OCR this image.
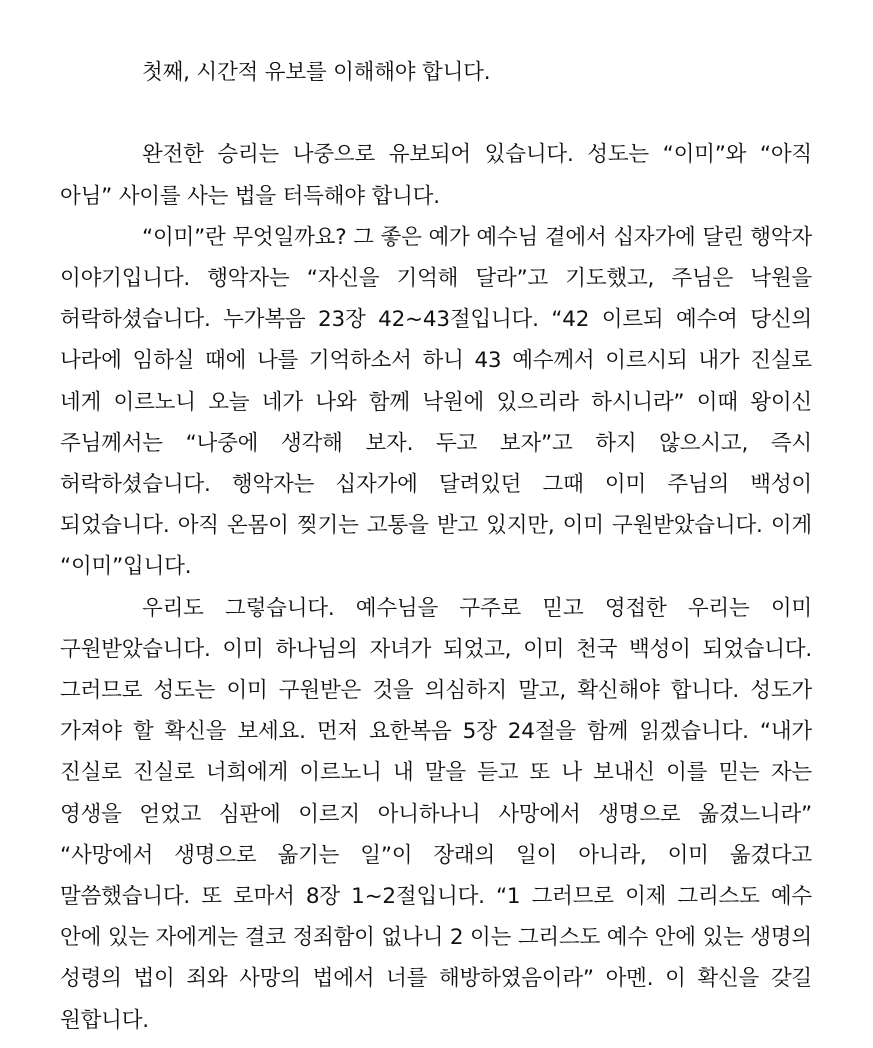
첫째, 시간적 유보를 이해해야 합니다.

완전한 승리는 나중으로 유보되어 있습니다. 성도는 “이미”와 “아직 아님” 사이를 사는 법을 터득해야 합니다.

“이미”란 무엇일까요? 그 좋은 예가 예수님 곁에서 십자가에 달린 행악자 이야기입니다. 행악자는 “자신을 기억해 달라”고 기도했고, 주님은 낙원을 허락하셨습니다. 누가복음 23장 42~43절입니다. “42 이르되 예수여 당신의 나라에 임하실 때에 나를 기억하소서 하니 43 예수께서 이르시되 내가 진실로 네게 이르노니 오늘 네가 나와 함께 낙원에 있으리라 하시니라” 이때 왕이신 주님께서는 “나중에 생각해 보자. 두고 보자”고 하지 않으시고, 즉시 허락하셨습니다. 행악자는 십자가에 달려있던 그때 이미 주님의 백성이 되었습니다. 아직 온몸이 찢기는 고통을 받고 있지만, 이미 구원받았습니다. 이게 “이미”입니다.

우리도 그렇습니다. 예수님을 구주로 믿고 영접한 우리는 이미 구원받았습니다. 이미 하나님의 자녀가 되었고, 이미 천국 백성이 되었습니다. 그러므로 성도는 이미 구원받은 것을 의심하지 말고, 확신해야 합니다. 성도가 가져야 할 확신을 보세요. 먼저 요한복음 5장 24절을 함께 읽겠습니다. “내가 진실로 진실로 너희에게 이르노니 내 말을 듣고 또 나 보내신 이를 믿는 자는 영생을 얻었고 심판에 이르지 아니하나니 사망에서 생명으로 옮겼느니라” “사망에서 생명으로 옮기는 일”이 장래의 일이 아니라, 이미 옮겼다고 말씀했습니다. 또 로마서 8장 1~2절입니다. “1 그러므로 이제 그리스도 예수 안에 있는 자에게는 결코 정죄함이 없나니 2 이는 그리스도 예수 안에 있는 생명의 성령의 법이 죄와 사망의 법에서 너를 해방하였음이라” 아멘. 이 확신을 갖길 원합니다.
